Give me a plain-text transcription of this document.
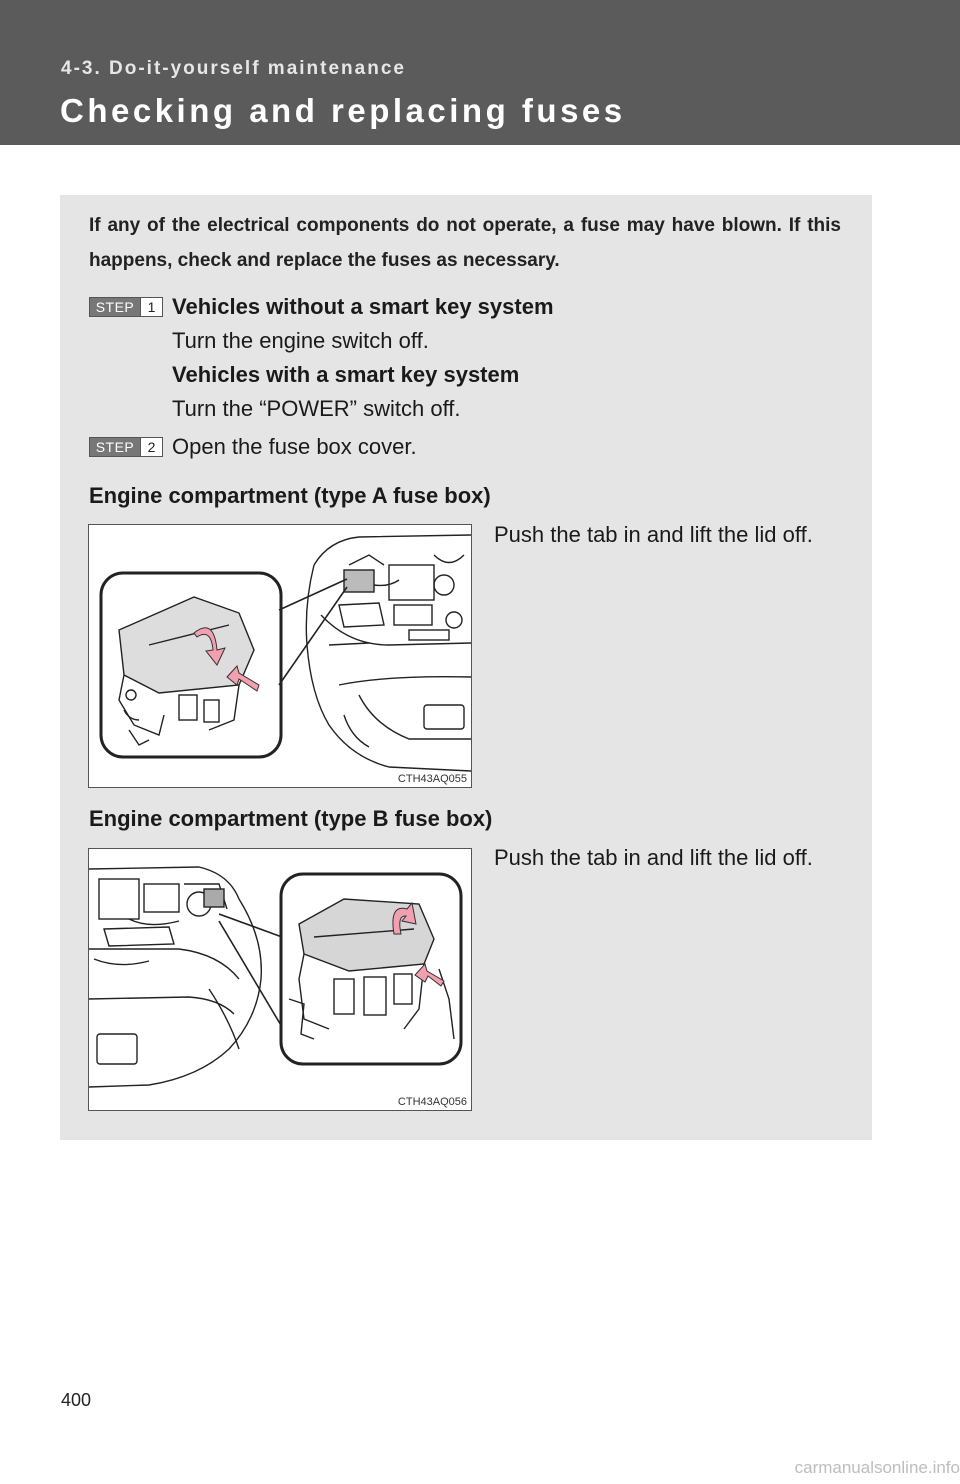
4-3. Do-it-yourself maintenance
Checking and replacing fuses
If any of the electrical components do not operate, a fuse may have blown. If this happens, check and replace the fuses as necessary.
STEP 1 Vehicles without a smart key system
Turn the engine switch off.
Vehicles with a smart key system
Turn the “POWER” switch off.
STEP 2 Open the fuse box cover.
Engine compartment (type A fuse box)
CTH43AQ055
Push the tab in and lift the lid off.
Engine compartment (type B fuse box)
CTH43AQ056
Push the tab in and lift the lid off.
400
carmanualsonline.info
